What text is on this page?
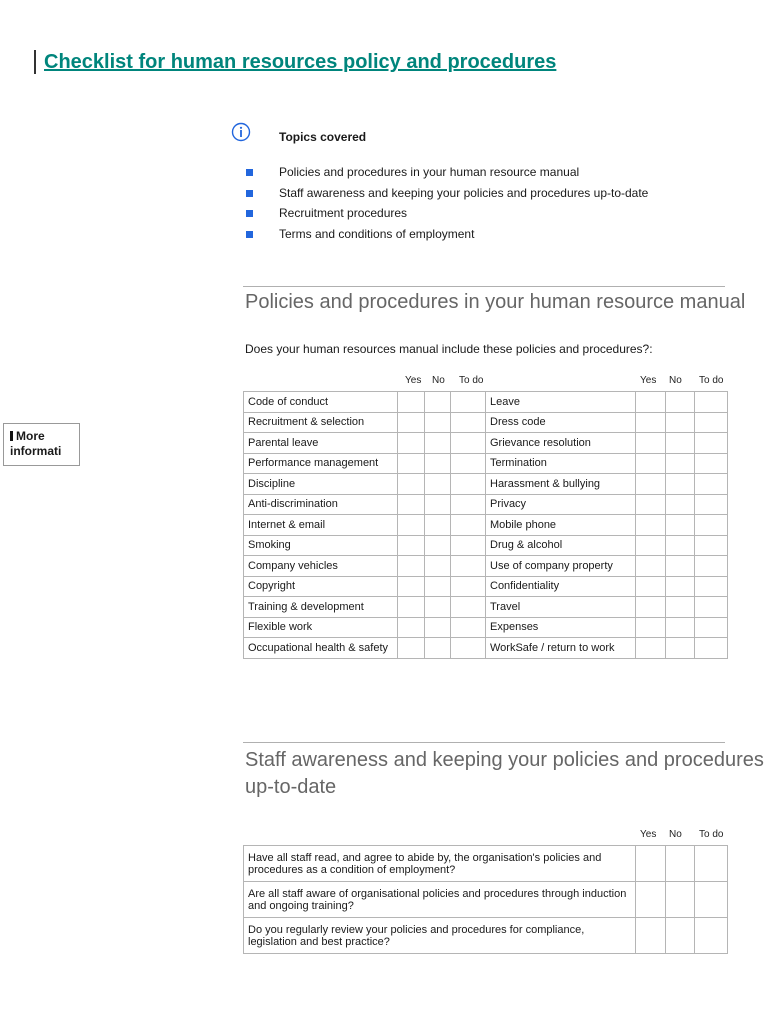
Checklist for human resources policy and procedures
Topics covered
Policies and procedures in your human resource manual
Staff awareness and keeping your policies and procedures up-to-date
Recruitment procedures
Terms and conditions of employment
Policies and procedures in your human resource manual
Does your human resources manual include these policies and procedures?:
Yes No To do	Yes No To do
More informati
Code of conduct				Leave			
Recruitment & selection				Dress code			
Parental leave				Grievance resolution			
Performance management				Termination			
Discipline				Harassment & bullying			
Anti-discrimination				Privacy			
Internet & email				Mobile phone			
Smoking				Drug & alcohol			
Company vehicles				Use of company property			
Copyright				Confidentiality			
Training & development				Travel			
Flexible work				Expenses			
Occupational health & safety				WorkSafe / return to work			
Staff awareness and keeping your policies and procedures up-to-date
Yes No To do
Have all staff read, and agree to abide by, the organisation's policies and procedures as a condition of employment?			
Are all staff aware of organisational policies and procedures through induction and ongoing training?			
Do you regularly review your policies and procedures for compliance, legislation and best practice?			
